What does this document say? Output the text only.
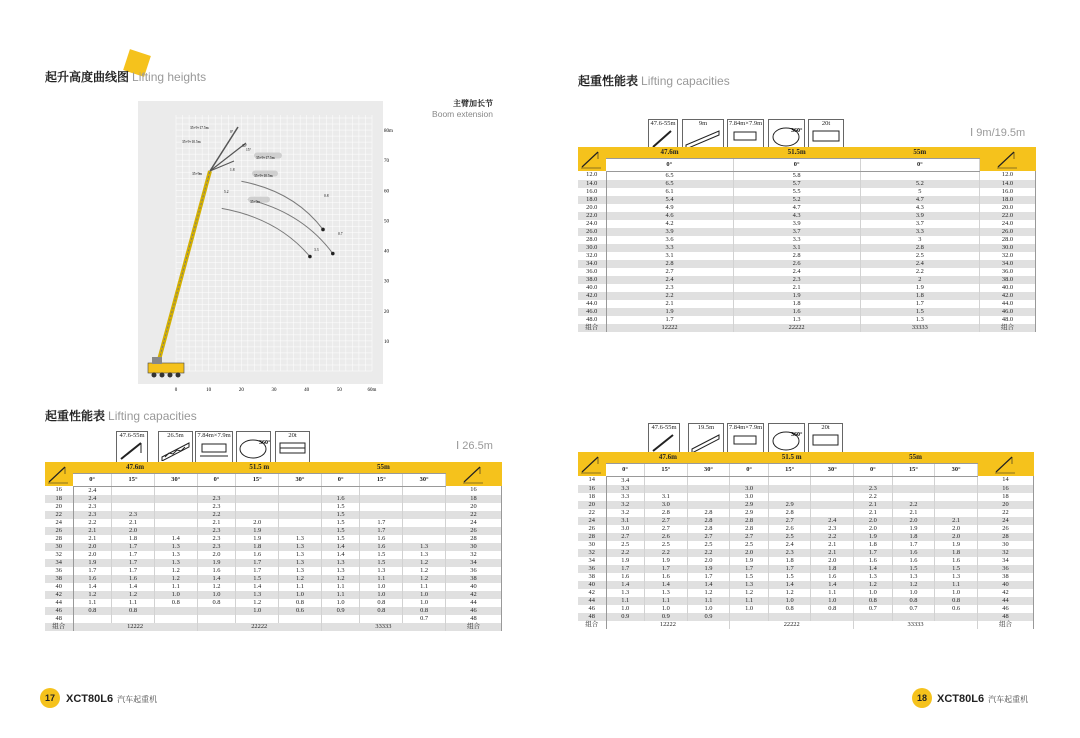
起升高度曲线图 Lifting heights
主臂加长节
Boom extension
0	10	20	30	40	50	60m
80m
70
60
50
40
30
20
10
35+9+17.5m
35+9+10.5m
35+9m
35+9+17.5m
35+9+10.5m
35+9m
0°
30°
15°
0.8
0.7
3.3
5.2
1.8
起重性能表 Lifting capacities
47.6-55m	26.5m	7.84m×7.9m
360°
20t
Ⅰ 26.5m
	47.6m			51.5 m			55m	
	0°	15°	30°	0°	15°	30°	0°	15°	30°	
16	2.4									16
18	2.4			2.3			1.6			18
20	2.3			2.3			1.5			20
22	2.3	2.3		2.2			1.5			22
24	2.2	2.1		2.1	2.0		1.5	1.7		24
26	2.1	2.0		2.3	1.9		1.5	1.7		26
28	2.1	1.8	1.4	2.3	1.9	1.3	1.5	1.6		28
30	2.0	1.7	1.3	2.3	1.8	1.3	1.4	1.6	1.3	30
32	2.0	1.7	1.3	2.0	1.6	1.3	1.4	1.5	1.3	32
34	1.9	1.7	1.3	1.9	1.7	1.3	1.3	1.5	1.2	34
36	1.7	1.7	1.2	1.6	1.7	1.3	1.3	1.3	1.2	36
38	1.6	1.6	1.2	1.4	1.5	1.2	1.2	1.1	1.2	38
40	1.4	1.4	1.1	1.2	1.4	1.1	1.1	1.0	1.1	40
42	1.2	1.2	1.0	1.0	1.3	1.0	1.1	1.0	1.0	42
44	1.1	1.1	0.8	0.8	1.2	0.8	1.0	0.8	1.0	44
46	0.8	0.8			1.0	0.6	0.9	0.8	0.8	46
48									0.7	48
组合	12222			22222			33333			组合
17	XCT80L6 汽车起重机
起重性能表 Lifting capacities
47.6-55m	9m	7.84m×7.9m
360°
20t
Ⅰ 9m/19.5m
	47.6m	51.5m	55m	
	0°	0°	0°	
12.0	6.5	5.8		12.0
14.0	6.5	5.7	5.2	14.0
16.0	6.1	5.5	5	16.0
18.0	5.4	5.2	4.7	18.0
20.0	4.9	4.7	4.3	20.0
22.0	4.6	4.3	3.9	22.0
24.0	4.2	3.9	3.7	24.0
26.0	3.9	3.7	3.3	26.0
28.0	3.6	3.3	3	28.0
30.0	3.3	3.1	2.8	30.0
32.0	3.1	2.8	2.5	32.0
34.0	2.8	2.6	2.4	34.0
36.0	2.7	2.4	2.2	36.0
38.0	2.4	2.3	2	38.0
40.0	2.3	2.1	1.9	40.0
42.0	2.2	1.9	1.8	42.0
44.0	2.1	1.8	1.7	44.0
46.0	1.9	1.6	1.5	46.0
48.0	1.7	1.3	1.3	48.0
组合	12222	22222	33333	组合
47.6-55m	19.5m	7.84m×7.9m
360°
20t
	47.6m			51.5 m			55m	
	0°	15°	30°	0°	15°	30°	0°	15°	30°	
14	3.4									14
16	3.3			3.0			2.3			16
18	3.3	3.1		3.0			2.2			18
20	3.2	3.0		2.9	2.9		2.1	2.2		20
22	3.2	2.8	2.8	2.9	2.8		2.1	2.1		22
24	3.1	2.7	2.8	2.8	2.7	2.4	2.0	2.0	2.1	24
26	3.0	2.7	2.8	2.8	2.6	2.3	2.0	1.9	2.0	26
28	2.7	2.6	2.7	2.7	2.5	2.2	1.9	1.8	2.0	28
30	2.5	2.5	2.5	2.5	2.4	2.1	1.8	1.7	1.9	30
32	2.2	2.2	2.2	2.0	2.3	2.1	1.7	1.6	1.8	32
34	1.9	1.9	2.0	1.9	1.8	2.0	1.6	1.6	1.6	34
36	1.7	1.7	1.9	1.7	1.7	1.8	1.4	1.5	1.5	36
38	1.6	1.6	1.7	1.5	1.5	1.6	1.3	1.3	1.3	38
40	1.4	1.4	1.4	1.3	1.4	1.4	1.2	1.2	1.1	40
42	1.3	1.3	1.2	1.2	1.2	1.1	1.0	1.0	1.0	42
44	1.1	1.1	1.1	1.1	1.0	1.0	0.8	0.8	0.8	44
46	1.0	1.0	1.0	1.0	0.8	0.8	0.7	0.7	0.6	46
48	0.9	0.9	0.9							48
组合	12222			22222			33333			组合
18 XCT80L6 汽车起重机
